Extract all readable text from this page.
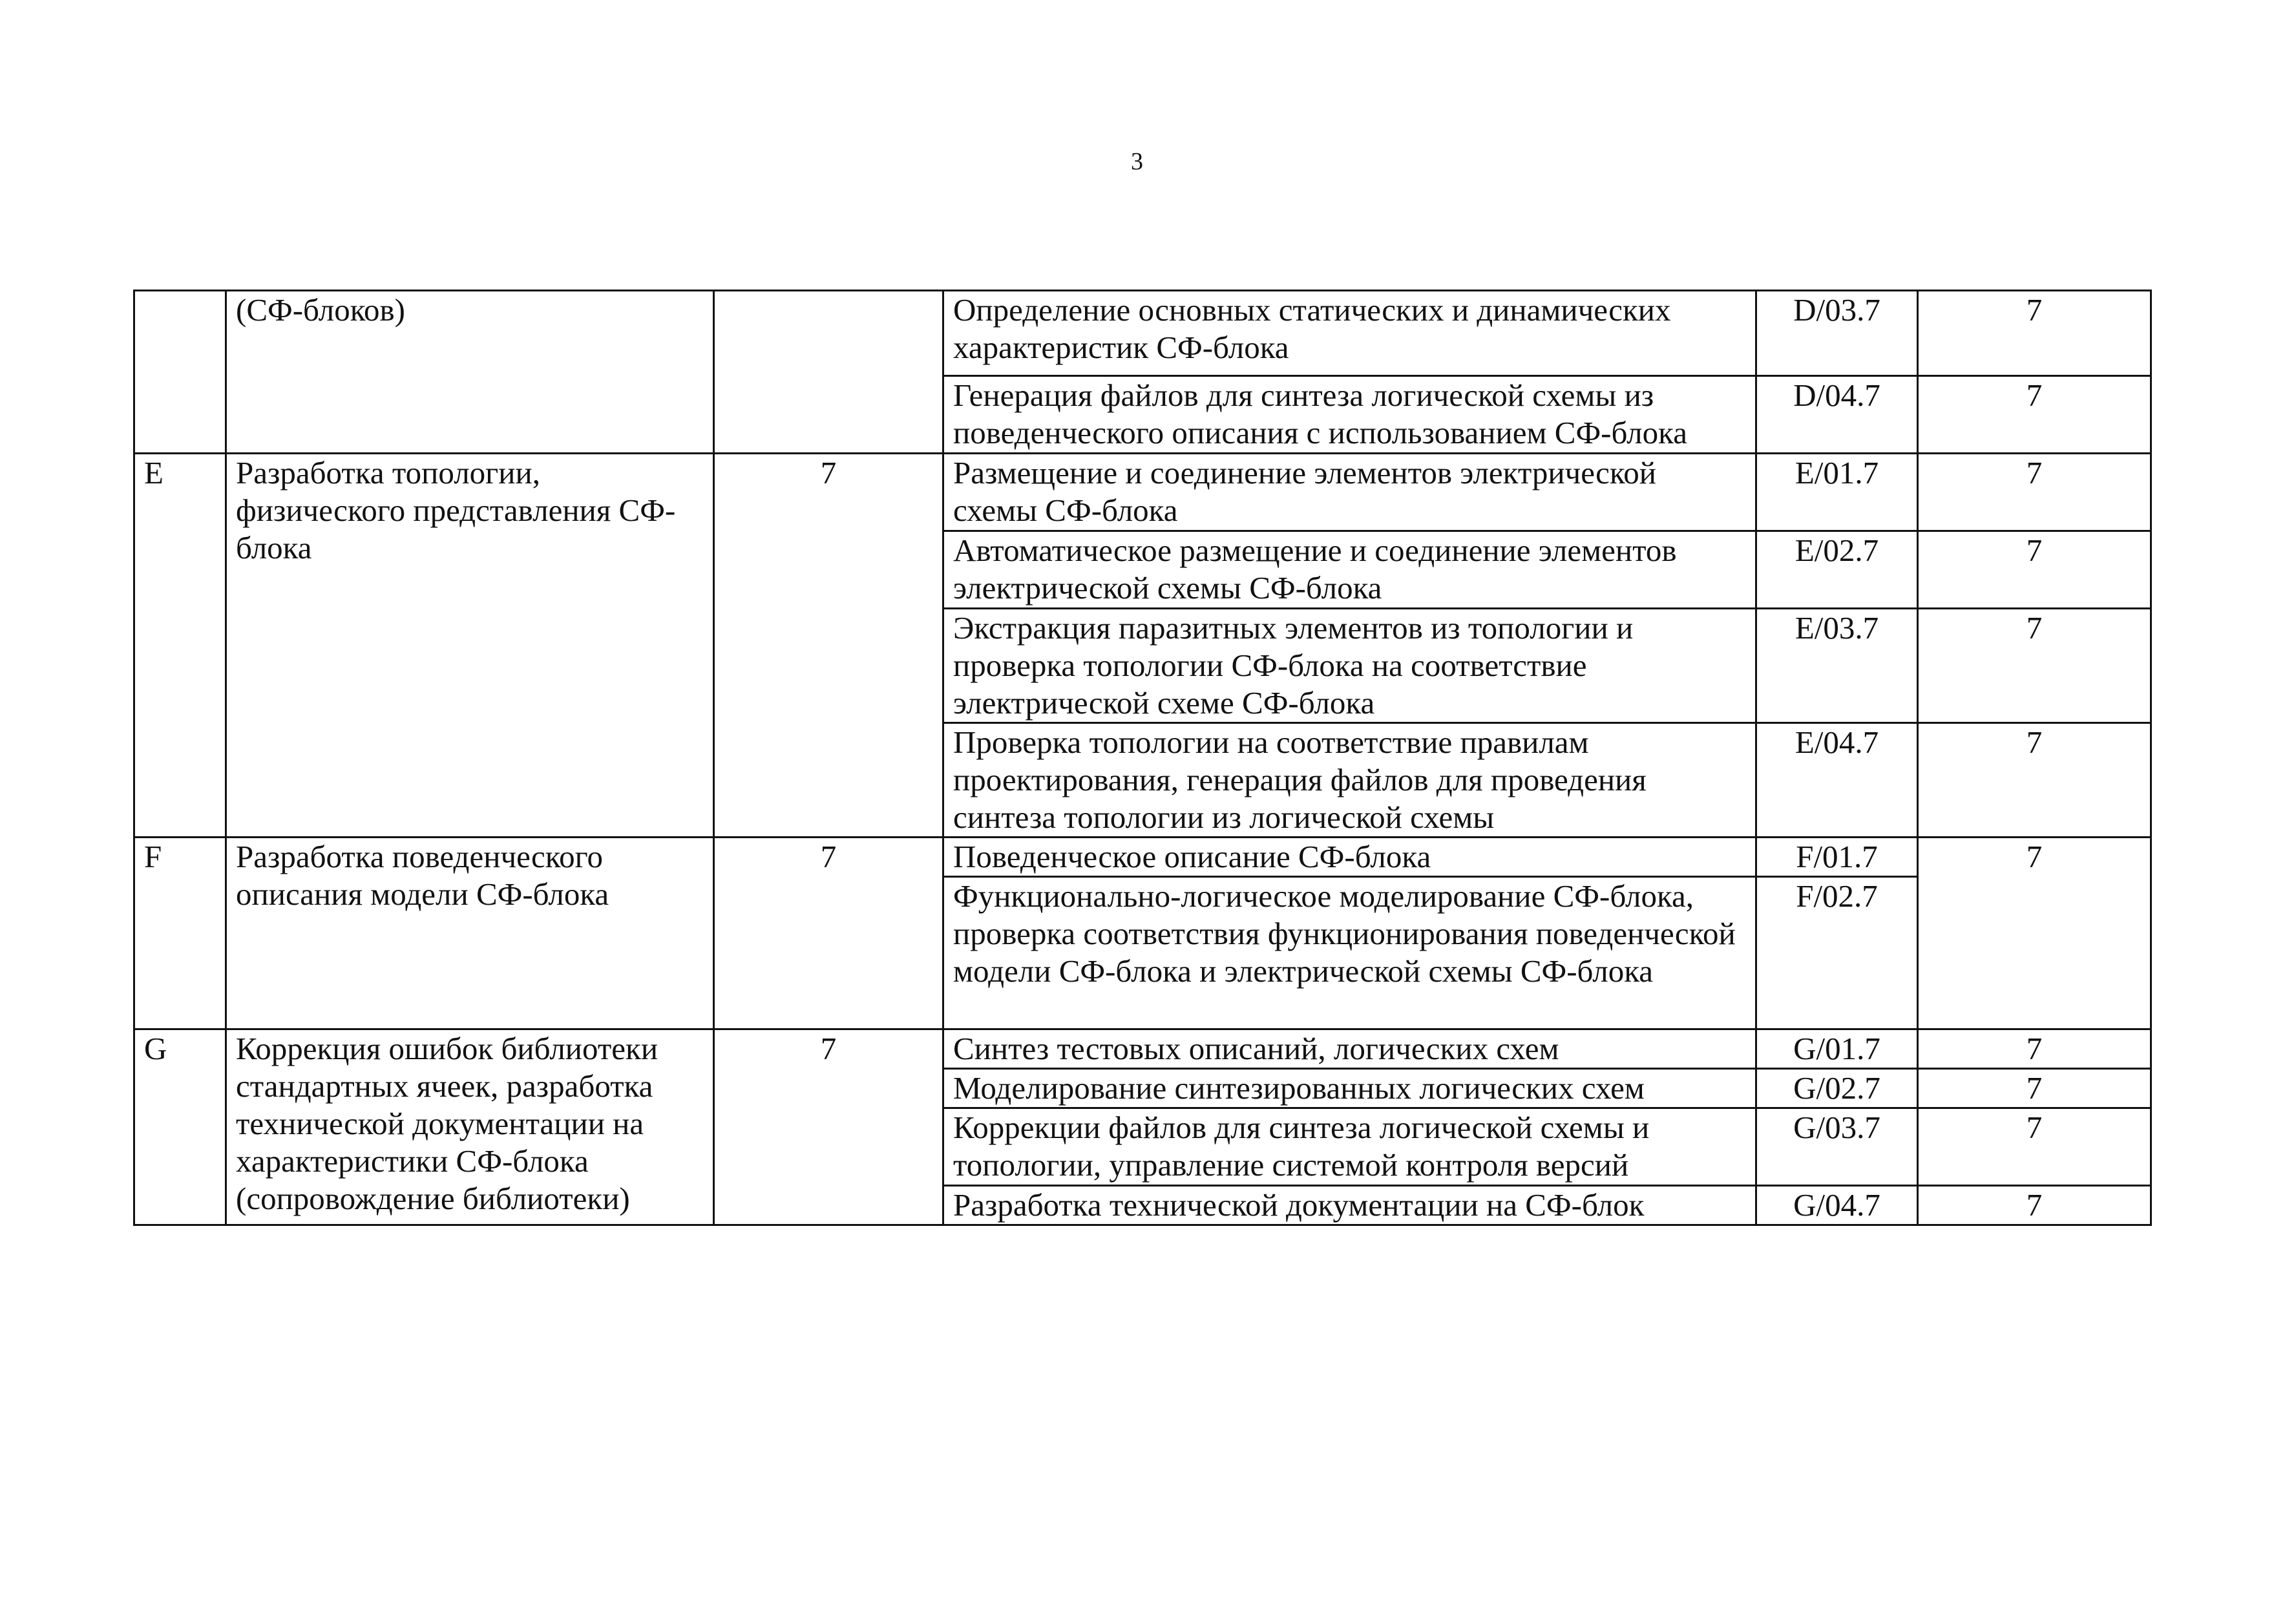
3
	(СФ-блоков)		Определение основных статических и динамических характеристик СФ-блока	D/03.7	7
			Генерация файлов для синтеза логической схемы из поведенческого описания с использованием СФ-блока	D/04.7	7
E	Разработка топологии, физического представления СФ-блока	7	Размещение и соединение элементов электрической схемы СФ-блока	E/01.7	7
			Автоматическое размещение и соединение элементов электрической схемы СФ-блока	E/02.7	7
			Экстракция паразитных элементов из топологии и проверка топологии СФ-блока на соответствие электрической схеме СФ-блока	E/03.7	7
			Проверка топологии на соответствие правилам проектирования, генерация файлов для проведения синтеза топологии из логической схемы	E/04.7	7
F	Разработка поведенческого описания модели СФ-блока	7	Поведенческое описание СФ-блока	F/01.7	7
			Функционально-логическое моделирование СФ-блока, проверка соответствия функционирования поведенческой модели СФ-блока и электрической схемы СФ-блока	F/02.7	
G	Коррекция ошибок библиотеки стандартных ячеек, разработка технической документации на характеристики СФ-блока (сопровождение библиотеки)	7	Синтез тестовых описаний, логических схем	G/01.7	7
			Моделирование синтезированных логических схем	G/02.7	7
			Коррекции файлов для синтеза логической схемы и топологии, управление системой контроля версий	G/03.7	7
			Разработка технической документации на СФ-блок	G/04.7	7
